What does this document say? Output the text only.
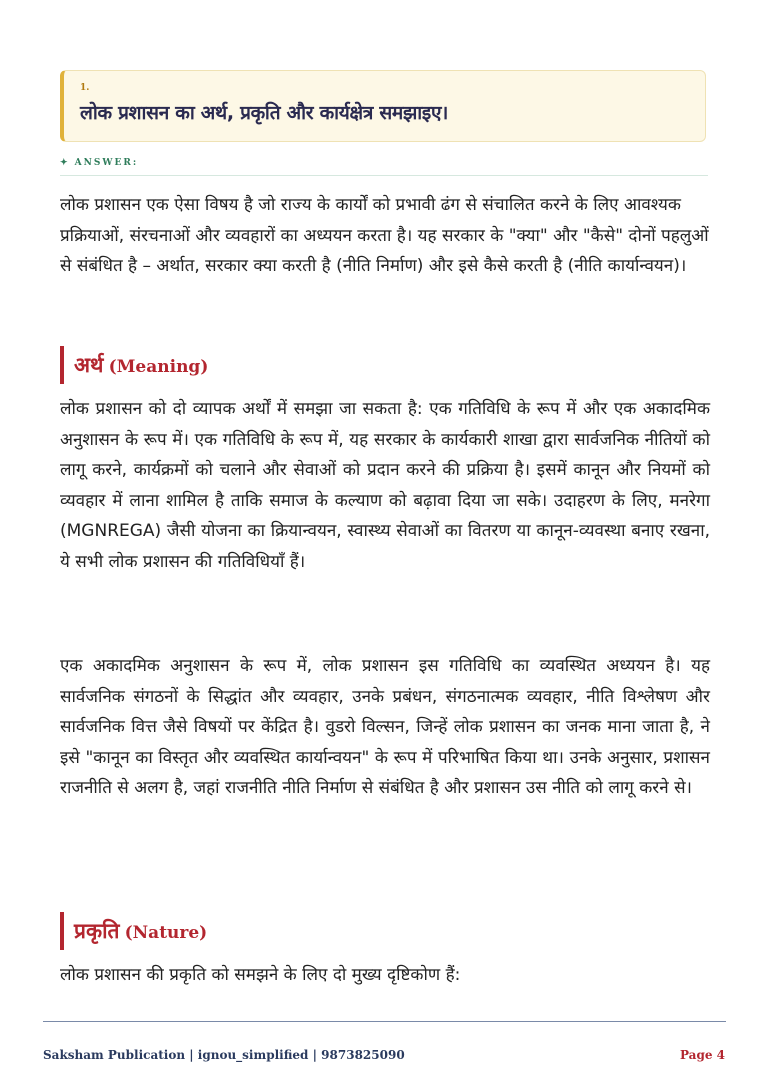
1.
लोक प्रशासन का अर्थ, प्रकृति और कार्यक्षेत्र समझाइए।
✦ ANSWER:

लोक प्रशासन एक ऐसा विषय है जो राज्य के कार्यों को प्रभावी ढंग से संचालित करने के लिए आवश्यक प्रक्रियाओं, संरचनाओं और व्यवहारों का अध्ययन करता है। यह सरकार के "क्या" और "कैसे" दोनों पहलुओं से संबंधित है – अर्थात, सरकार क्या करती है (नीति निर्माण) और इसे कैसे करती है (नीति कार्यान्वयन)।

अर्थ (Meaning)

लोक प्रशासन को दो व्यापक अर्थों में समझा जा सकता है: एक गतिविधि के रूप में और एक अकादमिक अनुशासन के रूप में। एक गतिविधि के रूप में, यह सरकार के कार्यकारी शाखा द्वारा सार्वजनिक नीतियों को लागू करने, कार्यक्रमों को चलाने और सेवाओं को प्रदान करने की प्रक्रिया है। इसमें कानून और नियमों को व्यवहार में लाना शामिल है ताकि समाज के कल्याण को बढ़ावा दिया जा सके। उदाहरण के लिए, मनरेगा (MGNREGA) जैसी योजना का क्रियान्वयन, स्वास्थ्य सेवाओं का वितरण या कानून-व्यवस्था बनाए रखना, ये सभी लोक प्रशासन की गतिविधियाँ हैं।

एक अकादमिक अनुशासन के रूप में, लोक प्रशासन इस गतिविधि का व्यवस्थित अध्ययन है। यह सार्वजनिक संगठनों के सिद्धांत और व्यवहार, उनके प्रबंधन, संगठनात्मक व्यवहार, नीति विश्लेषण और सार्वजनिक वित्त जैसे विषयों पर केंद्रित है। वुडरो विल्सन, जिन्हें लोक प्रशासन का जनक माना जाता है, ने इसे "कानून का विस्तृत और व्यवस्थित कार्यान्वयन" के रूप में परिभाषित किया था। उनके अनुसार, प्रशासन राजनीति से अलग है, जहां राजनीति नीति निर्माण से संबंधित है और प्रशासन उस नीति को लागू करने से।

प्रकृति (Nature)

लोक प्रशासन की प्रकृति को समझने के लिए दो मुख्य दृष्टिकोण हैं:

Saksham Publication | ignou_simplified | 9873825090	Page 4
